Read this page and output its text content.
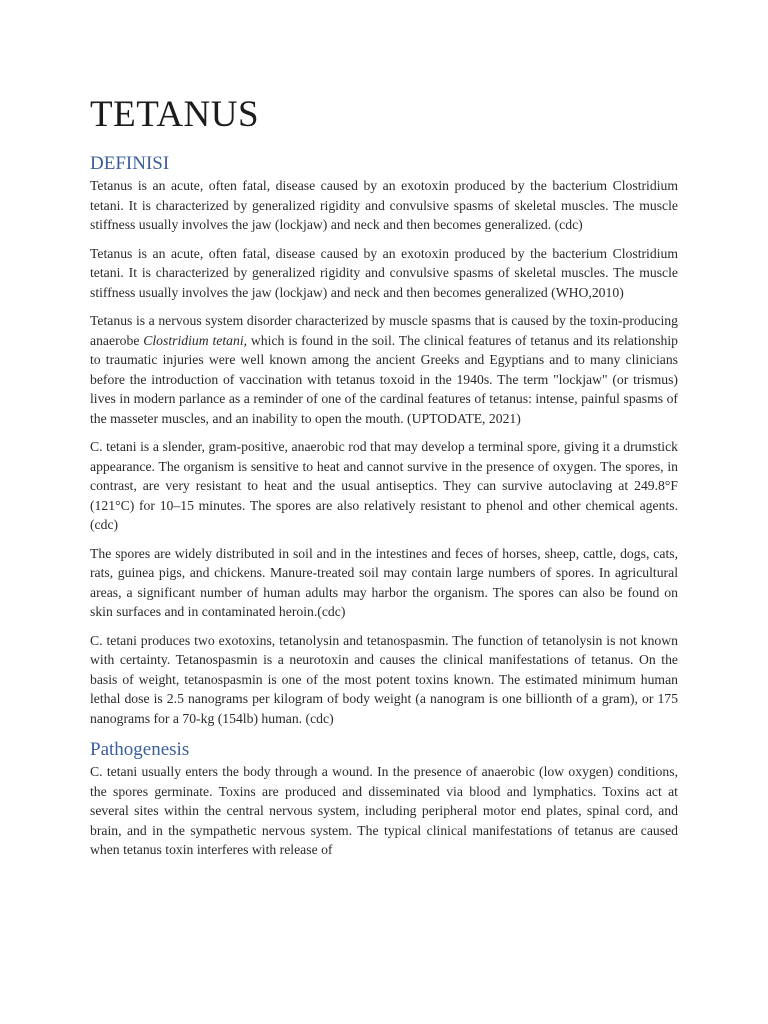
TETANUS
DEFINISI

Tetanus is an acute, often fatal, disease caused by an exotoxin produced by the bacterium Clostridium tetani. It is characterized by generalized rigidity and convulsive spasms of skeletal muscles. The muscle stiffness usually involves the jaw (lockjaw) and neck and then becomes generalized. (cdc)

Tetanus is an acute, often fatal, disease caused by an exotoxin produced by the bacterium Clostridium tetani. It is characterized by generalized rigidity and convulsive spasms of skeletal muscles. The muscle stiffness usually involves the jaw (lockjaw) and neck and then becomes generalized (WHO,2010)

Tetanus is a nervous system disorder characterized by muscle spasms that is caused by the toxin-producing anaerobe Clostridium tetani, which is found in the soil. The clinical features of tetanus and its relationship to traumatic injuries were well known among the ancient Greeks and Egyptians and to many clinicians before the introduction of vaccination with tetanus toxoid in the 1940s. The term "lockjaw" (or trismus) lives in modern parlance as a reminder of one of the cardinal features of tetanus: intense, painful spasms of the masseter muscles, and an inability to open the mouth. (UPTODATE, 2021)

C. tetani is a slender, gram-positive, anaerobic rod that may develop a terminal spore, giving it a drumstick appearance. The organism is sensitive to heat and cannot survive in the presence of oxygen. The spores, in contrast, are very resistant to heat and the usual antiseptics. They can survive autoclaving at 249.8°F (121°C) for 10–15 minutes. The spores are also relatively resistant to phenol and other chemical agents.(cdc)

The spores are widely distributed in soil and in the intestines and feces of horses, sheep, cattle, dogs, cats, rats, guinea pigs, and chickens. Manure-treated soil may contain large numbers of spores. In agricultural areas, a significant number of human adults may harbor the organism. The spores can also be found on skin surfaces and in contaminated heroin.(cdc)

C. tetani produces two exotoxins, tetanolysin and tetanospasmin. The function of tetanolysin is not known with certainty. Tetanospasmin is a neurotoxin and causes the clinical manifestations of tetanus. On the basis of weight, tetanospasmin is one of the most potent toxins known. The estimated minimum human lethal dose is 2.5 nanograms per kilogram of body weight (a nanogram is one billionth of a gram), or 175 nanograms for a 70-kg (154lb) human. (cdc)

Pathogenesis

C. tetani usually enters the body through a wound. In the presence of anaerobic (low oxygen) conditions, the spores germinate. Toxins are produced and disseminated via blood and lymphatics. Toxins act at several sites within the central nervous system, including peripheral motor end plates, spinal cord, and brain, and in the sympathetic nervous system. The typical clinical manifestations of tetanus are caused when tetanus toxin interferes with release of
